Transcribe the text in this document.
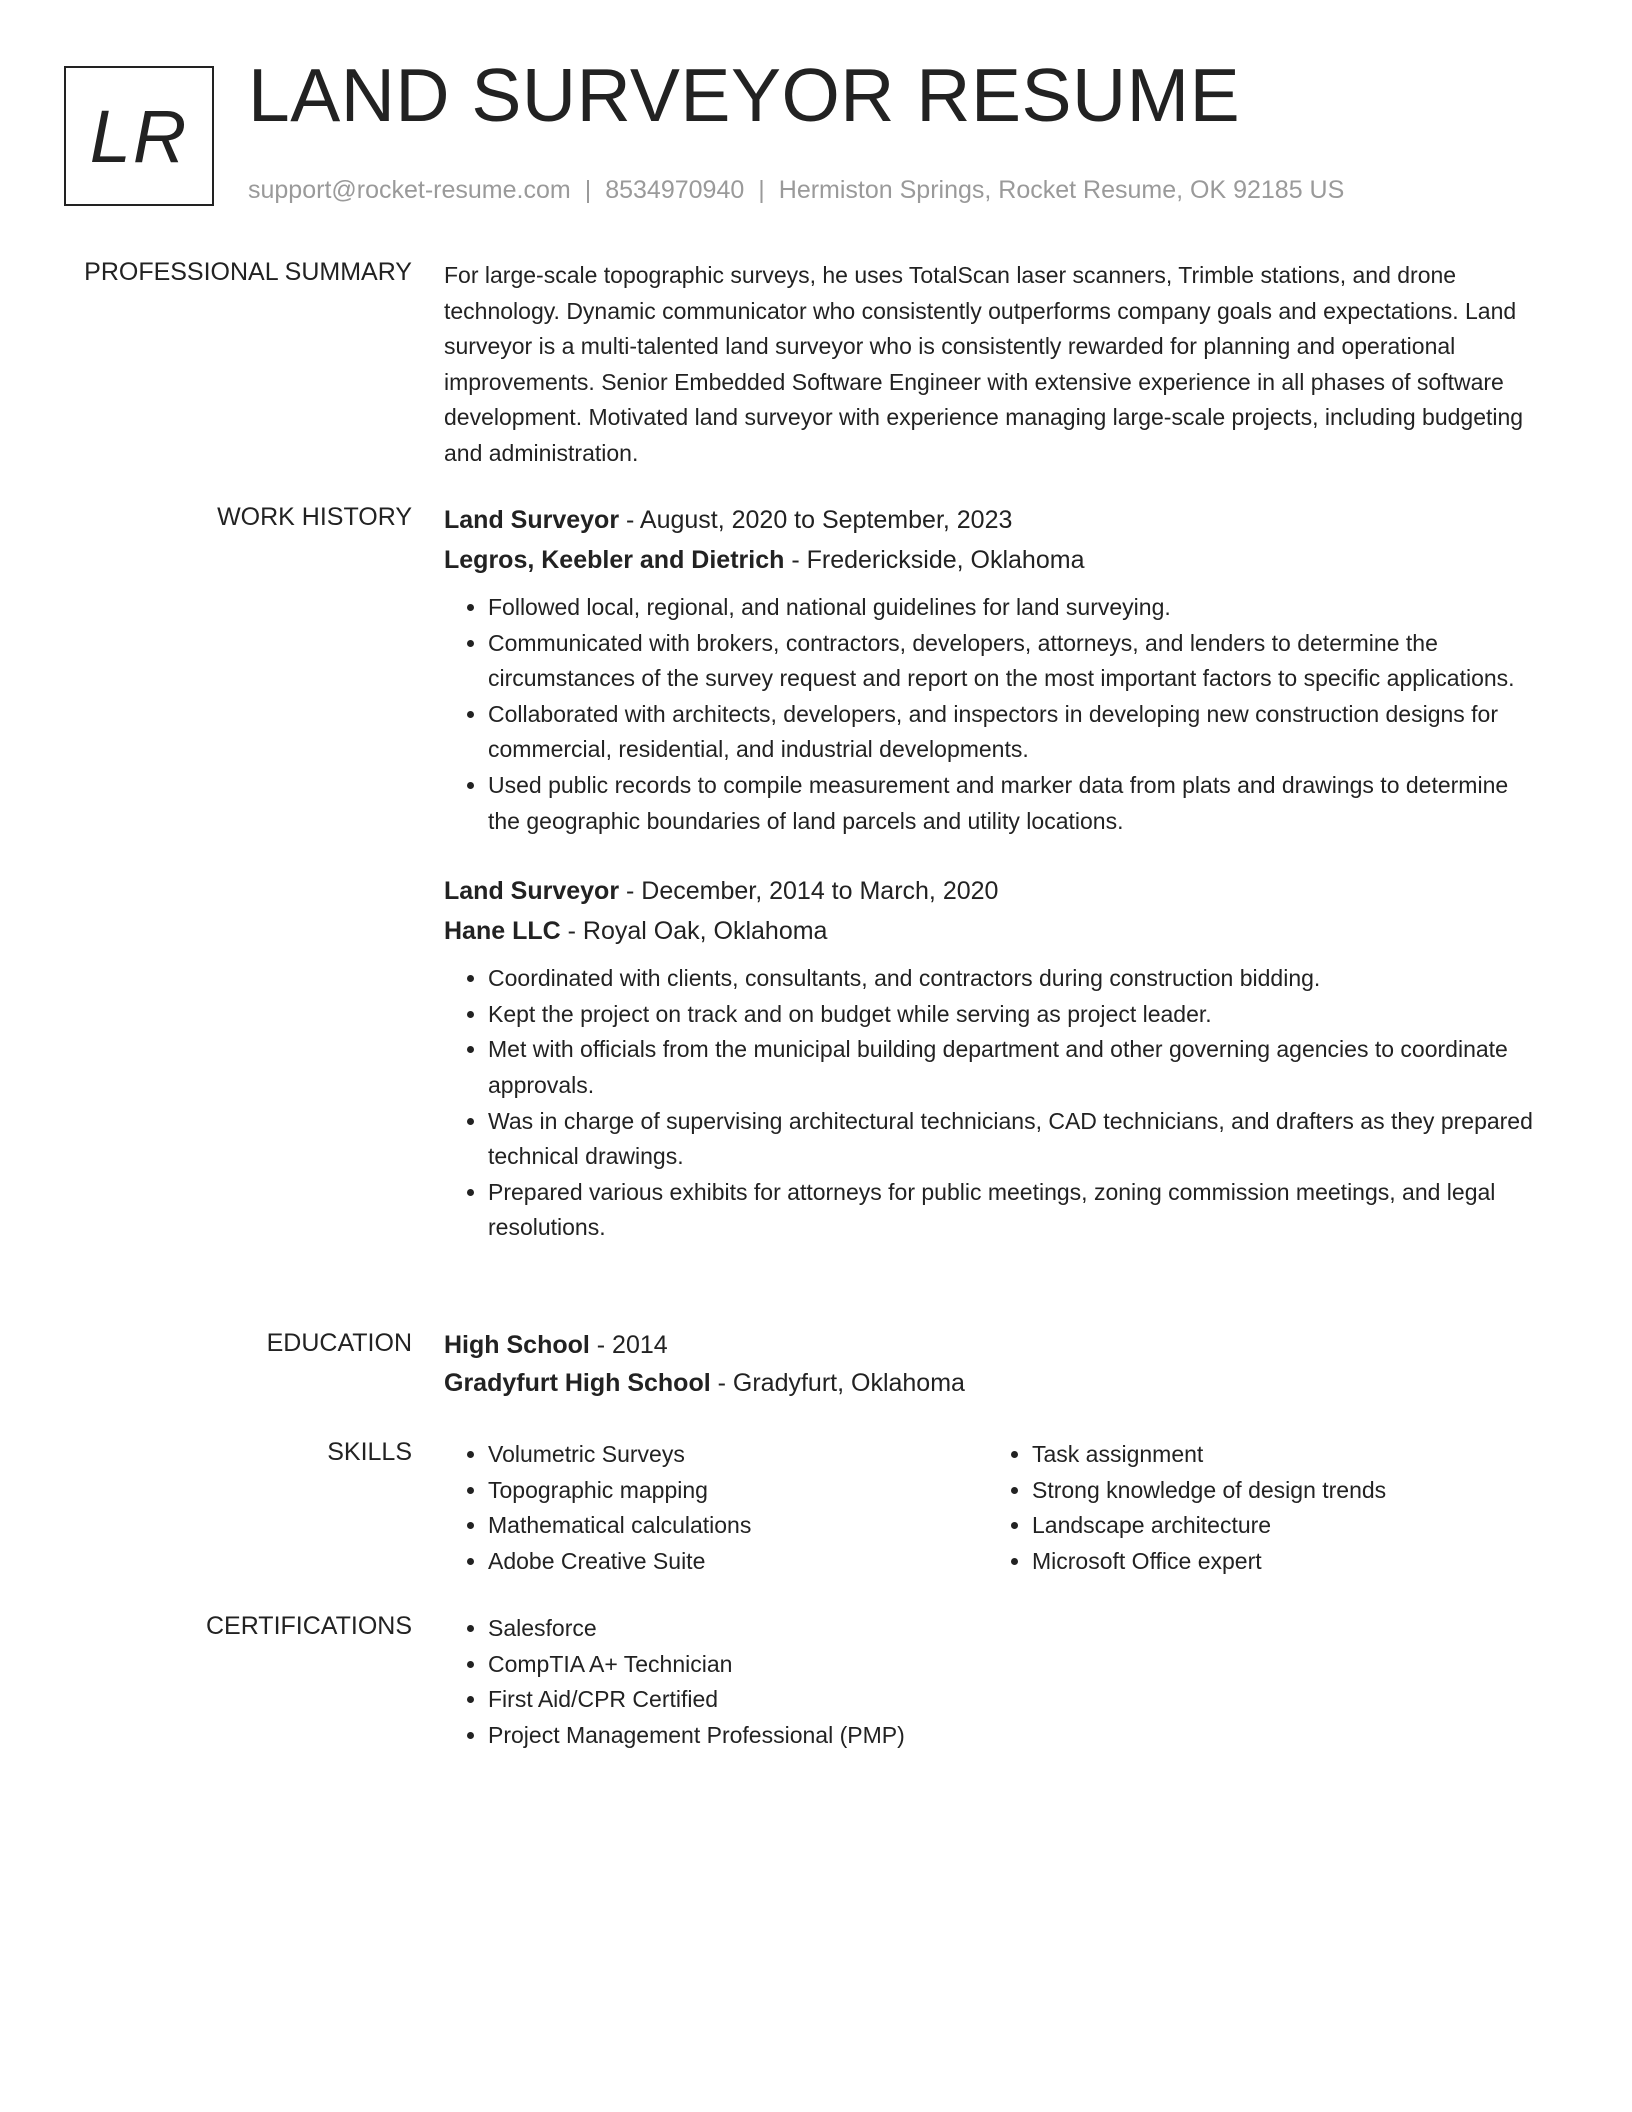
LR LAND SURVEYOR RESUME
support@rocket-resume.com | 8534970940 | Hermiston Springs, Rocket Resume, OK 92185 US
PROFESSIONAL SUMMARY For large-scale topographic surveys, he uses TotalScan laser scanners, Trimble stations, and drone technology. Dynamic communicator who consistently outperforms company goals and expectations. Land surveyor is a multi-talented land surveyor who is consistently rewarded for planning and operational improvements. Senior Embedded Software Engineer with extensive experience in all phases of software development. Motivated land surveyor with experience managing large-scale projects, including budgeting and administration.

WORK HISTORY Land Surveyor - August, 2020 to September, 2023
Legros, Keebler and Dietrich - Frederickside, Oklahoma
• Followed local, regional, and national guidelines for land surveying.
• Communicated with brokers, contractors, developers, attorneys, and lenders to determine the circumstances of the survey request and report on the most important factors to specific applications.
• Collaborated with architects, developers, and inspectors in developing new construction designs for commercial, residential, and industrial developments.
• Used public records to compile measurement and marker data from plats and drawings to determine the geographic boundaries of land parcels and utility locations.
Land Surveyor - December, 2014 to March, 2020
Hane LLC - Royal Oak, Oklahoma
• Coordinated with clients, consultants, and contractors during construction bidding.
• Kept the project on track and on budget while serving as project leader.
• Met with officials from the municipal building department and other governing agencies to coordinate approvals.
• Was in charge of supervising architectural technicians, CAD technicians, and drafters as they prepared technical drawings.
• Prepared various exhibits for attorneys for public meetings, zoning commission meetings, and legal resolutions.
EDUCATION High School - 2014
Gradyfurt High School - Gradyfurt, Oklahoma
SKILLS	• Volumetric Surveys
• Topographic mapping
• Mathematical calculations
• Adobe Creative Suite
• Task assignment
• Strong knowledge of design trends
• Landscape architecture
• Microsoft Office expert
CERTIFICATIONS	• Salesforce
• CompTIA A+ Technician
• First Aid/CPR Certified
• Project Management Professional (PMP)
